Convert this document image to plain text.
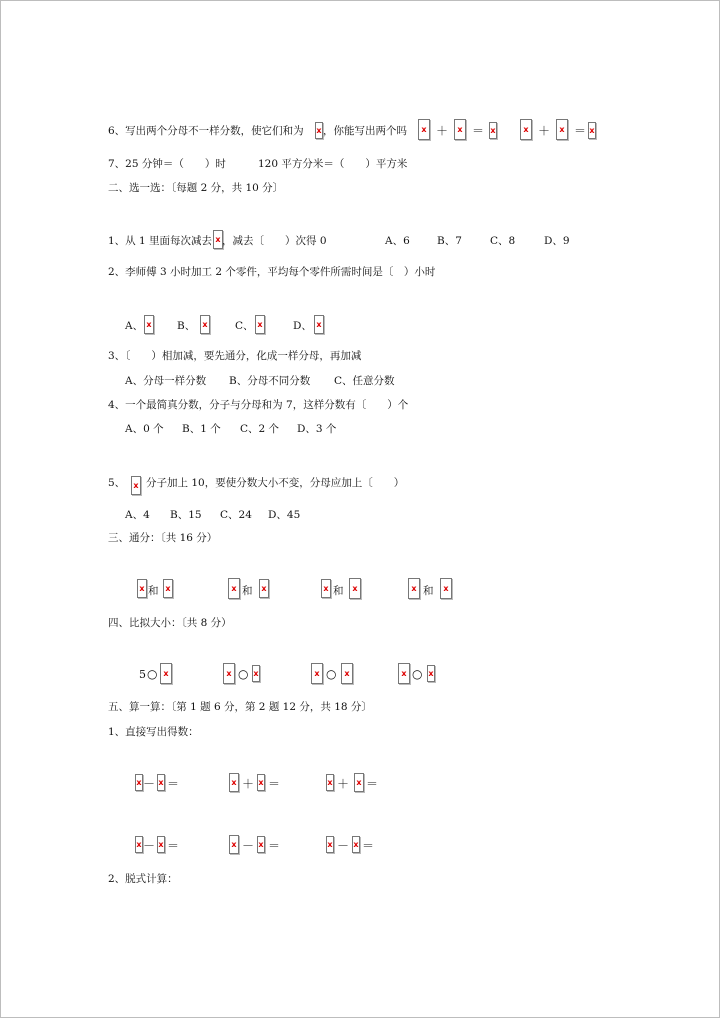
6、写出两个分母不一样分数，使它们和为 x ，你能写出两个吗 x ＋ x ＝ x x	＋ x ＝
x
7、25 分钟＝（　　）时	120 平方分米＝（　　）平方米
二、选一选：〔每题 2 分，共 10 分〕
1、从 1 里面每次减去 x ，减去〔　　）次得 0	A、6	B、7	C、8	D、9
2、李师傅 3 小时加工 2 个零件，平均每个零件所需时间是〔　）小时
A、 x	B、 x	C、 x	D、
x
3、〔　　）相加减，要先通分，化成一样分母，再加减
A、分母一样分数 B、分母不同分数 C、任意分数
4、一个最简真分数，分子与分母和为 7，这样分数有〔　　）个
A、0 个 B、1 个 C、2 个 D、3 个
5、 x 分子加上 10，要使分数大小不变，分母应加上〔　　）
A、4 B、15 C、24 D、45
三、通分：〔共 16 分）
x
和 x x	和 x x	和 x x	和
x
四、比拟大小：〔共 8 分）
5 ○ x x	○ x x	○ x x	○
x
五、算一算：〔第 1 题 6 分，第 2 题 12 分，共 18 分〕
1、直接写出得数：
x
－ x ＝ x	＋ x ＝ x	＋ x ＝
x
－ x ＝ x	－ x ＝ x	－ x ＝
2、脱式计算：
